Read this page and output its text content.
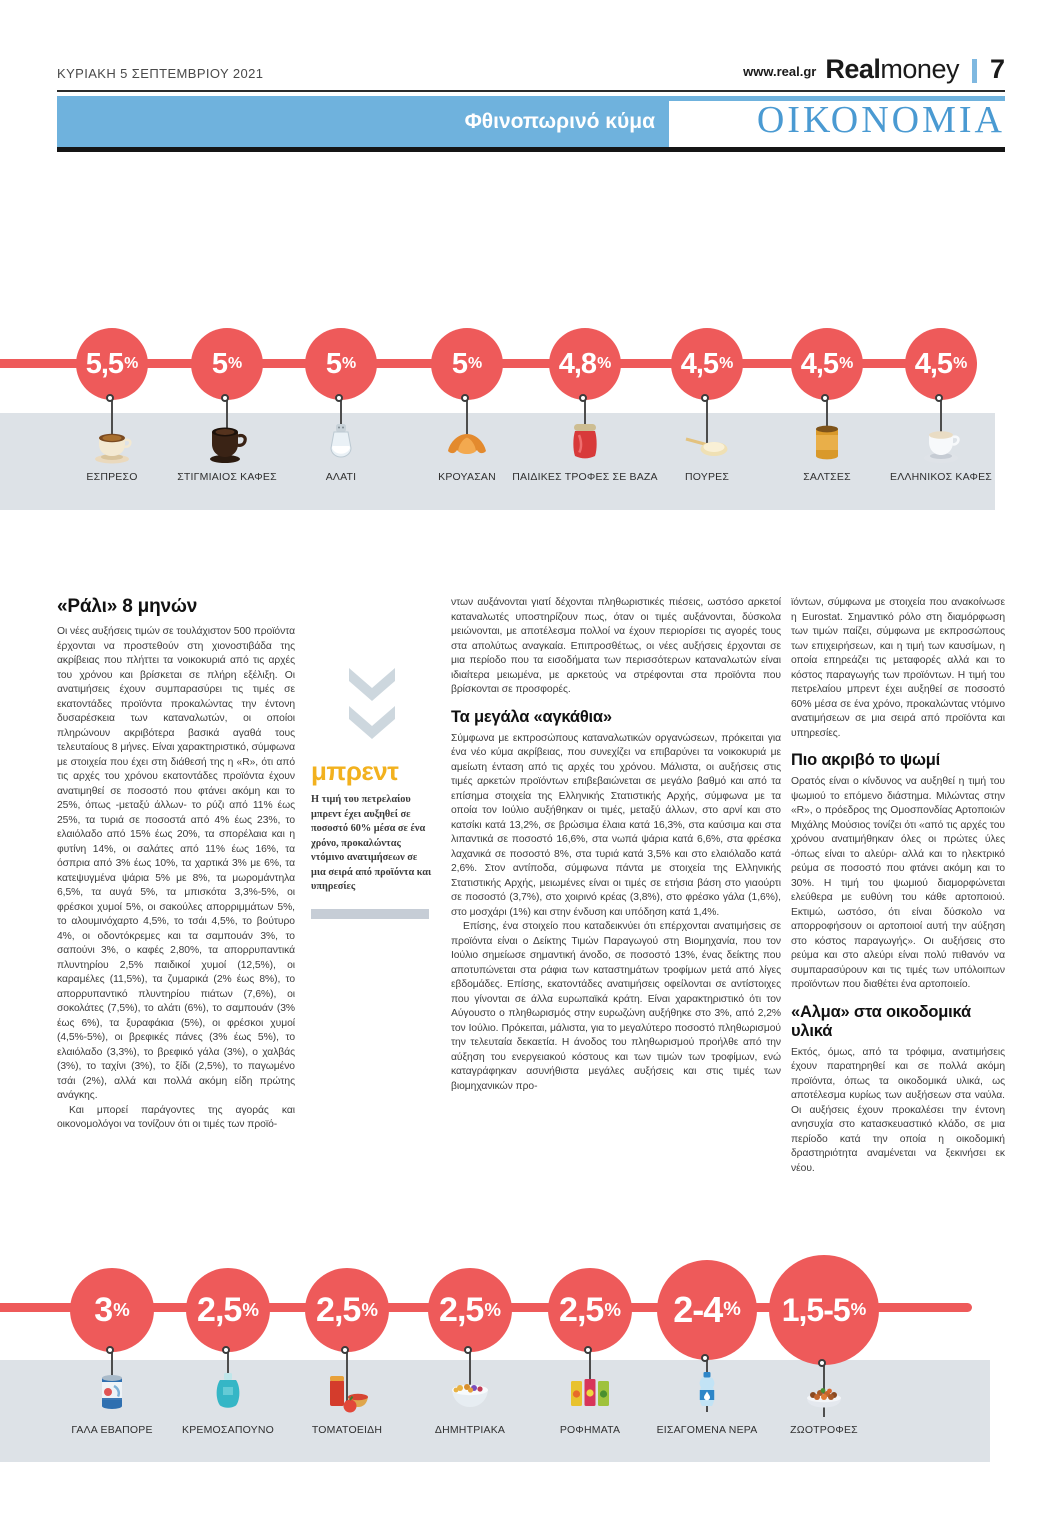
ΚΥΡΙΑΚΗ 5 ΣΕΠΤΕΜΒΡΙΟΥ 2021	www.real.gr Realmoney 7
Φθινοπωρινό κύμα	ΟΙΚΟΝΟΜΙΑ
5,5 %
ΕΣΠΡΕΣΟ
5 %
ΣΤΙΓΜΙΑΙΟΣ ΚΑΦΕΣ
5 %
ΑΛΑΤΙ
5 %
ΚΡΟΥΑΣΑΝ
4,8 %
ΠΑΙΔΙΚΕΣ ΤΡΟΦΕΣ ΣΕ ΒΑΖΑ
4,5 %
ΠΟΥΡΕΣ
4,5 %
ΣΑΛΤΣΕΣ
4,5 %
ΕΛΛΗΝΙΚΟΣ ΚΑΦΕΣ
«Ράλι» 8 μηνών

Οι νέες αυξήσεις τιμών σε τουλάχιστον 500 προϊόντα έρχονται να προστεθούν στη χιονοστιβάδα της ακρίβειας που πλήττει τα νοικοκυριά από τις αρχές του χρόνου και βρίσκεται σε πλήρη εξέλιξη. Οι ανατιμήσεις έχουν συμπαρασύρει τις τιμές σε εκατοντάδες προϊόντα προκαλώντας την έντονη δυσαρέσκεια των καταναλωτών, οι οποίοι πληρώνουν ακριβότερα βασικά αγαθά τους τελευταίους 8 μήνες. Είναι χαρακτηριστικό, σύμφωνα με στοιχεία που έχει στη διάθεσή της η «R», ότι από τις αρχές του χρόνου εκατοντάδες προϊόντα έχουν ανατιμηθεί σε ποσοστό που φτάνει ακόμη και το 25%, όπως -μεταξύ άλλων- το ρύζι από 11% έως 25%, τα τυριά σε ποσοστά από 4% έως 23%, το ελαιόλαδο από 15% έως 20%, τα σπορέλαια και η φυτίνη 14%, οι σαλάτες από 11% έως 16%, τα όσπρια από 3% έως 10%, τα χαρτικά 3% με 6%, τα κατεψυγμένα ψάρια 5% με 8%, τα μωρομάντηλα 6,5%, τα αυγά 5%, τα μπισκότα 3,3%-5%, οι φρέσκοι χυμοί 5%, οι σακούλες απορριμμάτων 5%, το αλουμινόχαρτο 4,5%, το τσάι 4,5%, το βούτυρο 4%, οι οδοντόκρεμες και τα σαμπουάν 3%, το σαπούνι 3%, ο καφές 2,80%, τα απορρυπαντικά πλυντηρίου 2,5% παιδικοί χυμοί (12,5%), οι καραμέλες (11,5%), τα ζυμαρικά (2% έως 8%), το απορρυπαντικό πλυντηρίου πιάτων (7,6%), οι σοκολάτες (7,5%), το αλάτι (6%), το σαμπουάν (3% έως 6%), τα ξυραφάκια (5%), οι φρέσκοι χυμοί (4,5%-5%), οι βρεφικές πάνες (3% έως 5%), το ελαιόλαδο (3,3%), το βρεφικό γάλα (3%), ο χαλβάς (3%), το ταχίνι (3%), το ξίδι (2,5%), το παγωμένο τσάι (2%), αλλά και πολλά ακόμη είδη πρώτης ανάγκης.

Και μπορεί παράγοντες της αγοράς και οικονομολόγοι να τονίζουν ότι οι τιμές των προϊό-

μπρεντ

Η τιμή του πετρελαίου μπρεντ έχει αυξηθεί σε ποσοστό 60% μέσα σε ένα χρόνο, προκαλώντας ντόμινο ανατιμήσεων σε μια σειρά από προϊόντα και υπηρεσίες

ντων αυξάνονται γιατί δέχονται πληθωριστικές πιέσεις, ωστόσο αρκετοί καταναλωτές υποστηρίζουν πως, όταν οι τιμές αυξάνονται, δύσκολα μειώνονται, με αποτέλεσμα πολλοί να έχουν περιορίσει τις αγορές τους στα απολύτως αναγκαία. Επιπροσθέτως, οι νέες αυξήσεις έρχονται σε μια περίοδο που τα εισοδήματα των περισσότερων καταναλωτών είναι ιδιαίτερα μειωμένα, με αρκετούς να στρέφονται στα προϊόντα που βρίσκονται σε προσφορές.

Τα μεγάλα «αγκάθια»

Σύμφωνα με εκπροσώπους καταναλωτικών οργανώσεων, πρόκειται για ένα νέο κύμα ακρίβειας, που συνεχίζει να επιβαρύνει τα νοικοκυριά με αμείωτη ένταση από τις αρχές του χρόνου. Μάλιστα, οι αυξήσεις στις τιμές αρκετών προϊόντων επιβεβαιώνεται σε μεγάλο βαθμό και από τα επίσημα στοιχεία της Ελληνικής Στατιστικής Αρχής, σύμφωνα με τα οποία τον Ιούλιο αυξήθηκαν οι τιμές, μεταξύ άλλων, στο αρνί και στο κατσίκι κατά 13,2%, σε βρώσιμα έλαια κατά 16,3%, στα καύσιμα και στα λιπαντικά σε ποσοστό 16,6%, στα νωπά ψάρια κατά 6,6%, στα φρέσκα λαχανικά σε ποσοστό 8%, στα τυριά κατά 3,5% και στο ελαιόλαδο κατά 2,6%. Στον αντίποδα, σύμφωνα πάντα με στοιχεία της Ελληνικής Στατιστικής Αρχής, μειωμένες είναι οι τιμές σε ετήσια βάση στο γιαούρτι σε ποσοστό (3,7%), στο χοιρινό κρέας (3,8%), στο φρέσκο γάλα (1,6%), στο μοσχάρι (1%) και στην ένδυση και υπόδηση κατά 1,4%.

Επίσης, ένα στοιχείο που καταδεικνύει ότι επέρχονται ανατιμήσεις σε προϊόντα είναι ο Δείκτης Τιμών Παραγωγού στη Βιομηχανία, που τον Ιούλιο σημείωσε σημαντική άνοδο, σε ποσοστό 13%, ένας δείκτης που αποτυπώνεται στα ράφια των καταστημάτων τροφίμων μετά από λίγες εβδομάδες. Επίσης, εκατοντάδες ανατιμήσεις οφείλονται σε αντίστοιχες που γίνονται σε άλλα ευρωπαϊκά κράτη. Είναι χαρακτηριστικό ότι τον Αύγουστο ο πληθωρισμός στην ευρωζώνη αυξήθηκε στο 3%, από 2,2% τον Ιούλιο. Πρόκειται, μάλιστα, για το μεγαλύτερο ποσοστό πληθωρισμού την τελευταία δεκαετία. Η άνοδος του πληθωρισμού προήλθε από την αύξηση του ενεργειακού κόστους και των τιμών των τροφίμων, ενώ καταγράφηκαν ασυνήθιστα μεγάλες αυξήσεις και στις τιμές των βιομηχανικών προ-

ϊόντων, σύμφωνα με στοιχεία που ανακοίνωσε η Eurostat. Σημαντικό ρόλο στη διαμόρφωση των τιμών παίζει, σύμφωνα με εκπροσώπους των επιχειρήσεων, και η τιμή των καυσίμων, η οποία επηρεάζει τις μεταφορές αλλά και το κόστος παραγωγής των προϊόντων. Η τιμή του πετρελαίου μπρεντ έχει αυξηθεί σε ποσοστό 60% μέσα σε ένα χρόνο, προκαλώντας ντόμινο ανατιμήσεων σε μια σειρά από προϊόντα και υπηρεσίες.

Πιο ακριβό το ψωμί

Ορατός είναι ο κίνδυνος να αυξηθεί η τιμή του ψωμιού το επόμενο διάστημα. Μιλώντας στην «R», ο πρόεδρος της Ομοσπονδίας Αρτοποιών Μιχάλης Μούσιος τονίζει ότι «από τις αρχές του χρόνου ανατιμήθηκαν όλες οι πρώτες ύλες -όπως είναι το αλεύρι- αλλά και το ηλεκτρικό ρεύμα σε ποσοστό που φτάνει ακόμη και το 30%. Η τιμή του ψωμιού διαμορφώνεται ελεύθερα με ευθύνη του κάθε αρτοποιού. Εκτιμώ, ωστόσο, ότι είναι δύσκολο να απορροφήσουν οι αρτοποιοί αυτή την αύξηση στο κόστος παραγωγής». Οι αυξήσεις στο ρεύμα και στο αλεύρι είναι πολύ πιθανόν να συμπαρασύρουν και τις τιμές των υπόλοιπων προϊόντων που διαθέτει ένα αρτοποιείο.

«Αλμα» στα οικοδομικά υλικά

Εκτός, όμως, από τα τρόφιμα, ανατιμήσεις έχουν παρατηρηθεί και σε πολλά ακόμη προϊόντα, όπως τα οικοδομικά υλικά, ως αποτέλεσμα κυρίως των αυξήσεων στα ναύλα. Οι αυξήσεις έχουν προκαλέσει την έντονη ανησυχία στο κατασκευαστικό κλάδο, σε μια περίοδο κατά την οποία η οικοδομική δραστηριότητα αναμένεται να ξεκινήσει εκ νέου.

3 %
ΓΑΛΑ ΕΒΑΠΟΡΕ
2,5 %
ΚΡΕΜΟΣΑΠΟΥΝΟ
2,5 %
ΤΟΜΑΤΟΕΙΔΗ
2,5 %
ΔΗΜΗΤΡΙΑΚΑ
2,5 %
ΡΟΦΗΜΑΤΑ
2-4 %
ΕΙΣΑΓΟΜΕΝΑ ΝΕΡΑ
1,5-5 %
ΖΩΟΤΡΟΦΕΣ
